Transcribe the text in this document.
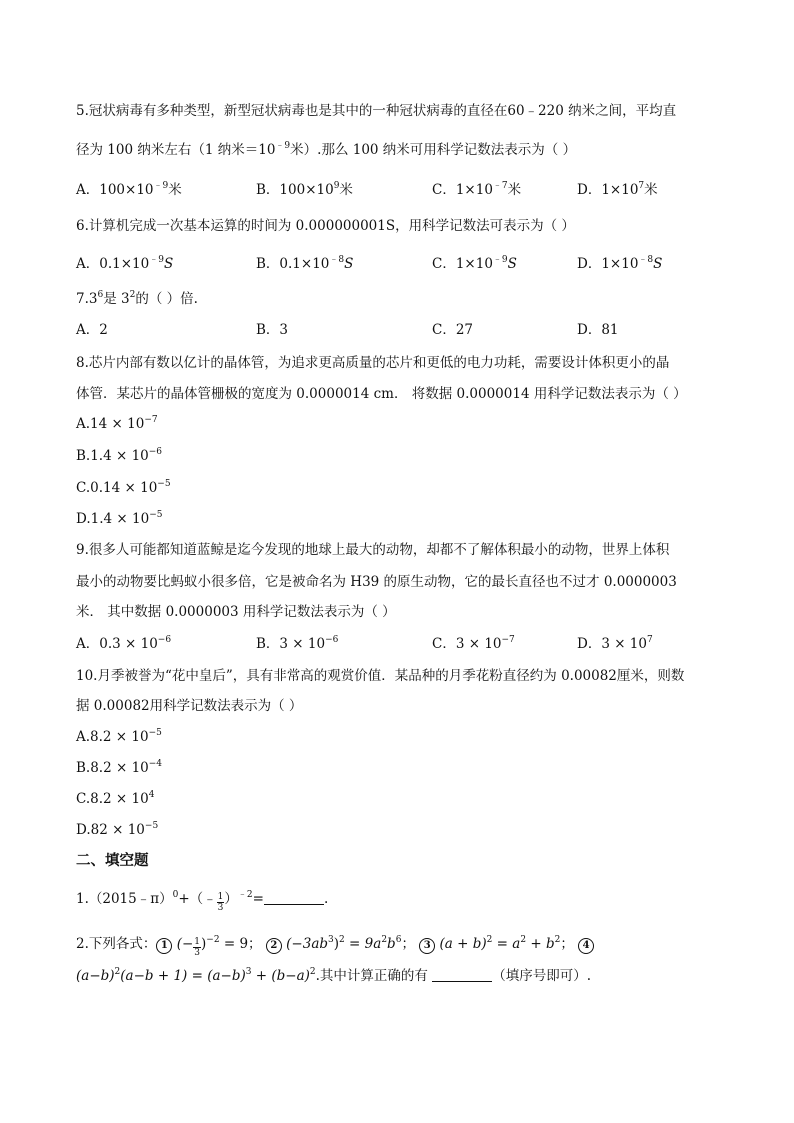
5.冠状病毒有多种类型，新型冠状病毒也是其中的一种冠状病毒的直径在60﹣220 纳米之间，平均直
径为 100 纳米左右（1 纳米$=10^{﹣9}$米）.那么 100 纳米可用科学记数法表示为（ ）
A．$100\times 10^{﹣9}$米	B．$100\times 10^9$米	C．$1\times 10^{﹣7}$米	D．$1\times 10^7$米
6.计算机完成一次基本运算的时间为 0.000000001S，用科学记数法可表示为（ ）
A．$0.1\times 10^{﹣9}S$	B．$0.1\times 10^{﹣8}S$	C．$1\times 10^{﹣9}S$	D．$1\times 10^{﹣8}S$
$7.3^6$是 $3^2$的（ ）倍.
A．2	B．3	C．27	D．81
8.芯片内部有数以亿计的晶体管，为追求更高质量的芯片和更低的电力功耗，需要设计体积更小的晶
体管．某芯片的晶体管栅极的宽度为 0.0000014 cm． 将数据 0.0000014 用科学记数法表示为（ ）
$A.14 \times 10^{-7}$
$B.1.4 \times 10^{-6}$
$C.0.14 \times 10^{-5}$
$D.1.4 \times 10^{-5}$
9.很多人可能都知道蓝鲸是迄今发现的地球上最大的动物，却都不了解体积最小的动物，世界上体积
最小的动物要比蚂蚁小很多倍，它是被命名为 H39 的原生动物，它的最长直径也不过才 0.0000003
米． 其中数据 0.0000003 用科学记数法表示为（ ）
A．$0.3 \times 10^{-6}$	B．$3 \times 10^{-6}$	C．$3 \times 10^{-7}$	D．$3 \times 10^7$
10.月季被誉为“花中皇后”，具有非常高的观赏价值．某品种的月季花粉直径约为 0.00082厘米，则数
据 0.00082用科学记数法表示为（ ）
$A.8.2 \times 10^{-5}$
$B.8.2 \times 10^{-4}$
$C.8.2 \times 10^4$
$D.82 \times 10^{-5}$
二、填空题
1.（2015﹣π）$^0$+（﹣ $\frac{1}{3} )^{﹣2}=$	.
2.下列各式： 1 (− $\frac{1}{3} )^{-2} = 9$； 2 $(-3ab^3)^2 = 9a^2b^6$； 3 $(a + b)^2 = a^2 + b^2$； 4
$(a-b)^2(a-b + 1) = (a-b)^3 + (b-a)^2$.其中计算正确的有	（填序号即可）.
